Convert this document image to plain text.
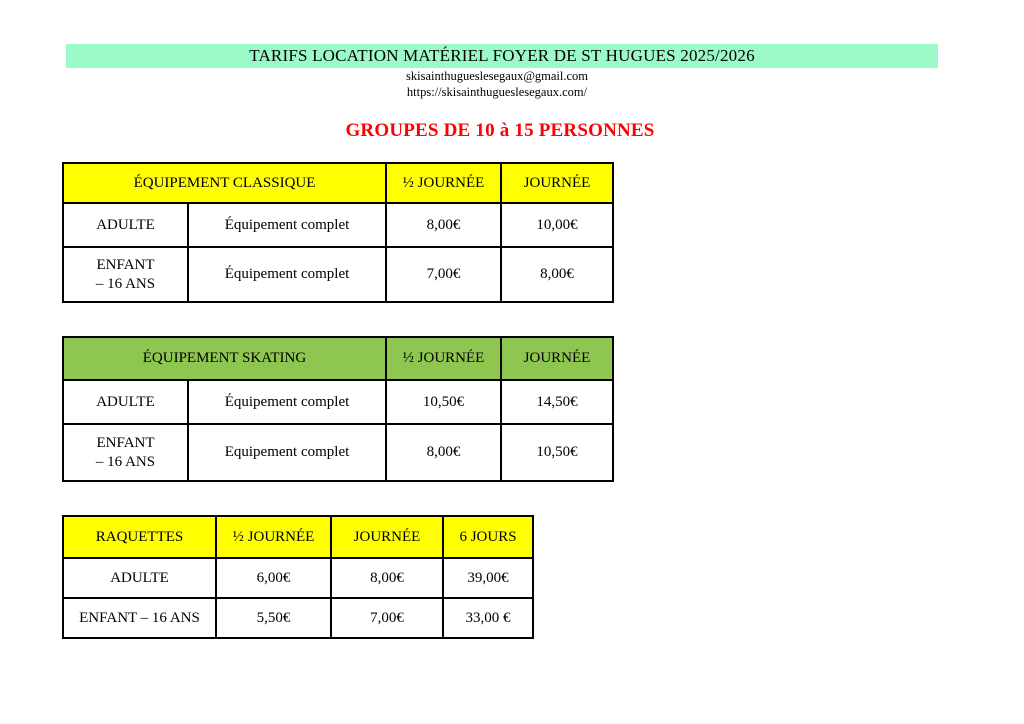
TARIFS LOCATION MATÉRIEL FOYER DE ST HUGUES 2025/2026
skisainthugueslesegaux@gmail.com
https://skisainthugueslesegaux.com/
GROUPES DE 10 à 15 PERSONNES
ÉQUIPEMENT CLASSIQUE		½ JOURNÉE	JOURNÉE
ADULTE	Équipement complet	8,00€	10,00€

ENFANT
– 16 ANS	Équipement complet	7,00€	8,00€
ÉQUIPEMENT SKATING		½ JOURNÉE	JOURNÉE
ADULTE	Équipement complet	10,50€	14,50€

ENFANT
– 16 ANS	Equipement complet	8,00€	10,50€
RAQUETTES	½ JOURNÉE	JOURNÉE	6 JOURS
ADULTE	6,00€	8,00€	39,00€
ENFANT – 16 ANS	5,50€	7,00€	33,00 €
